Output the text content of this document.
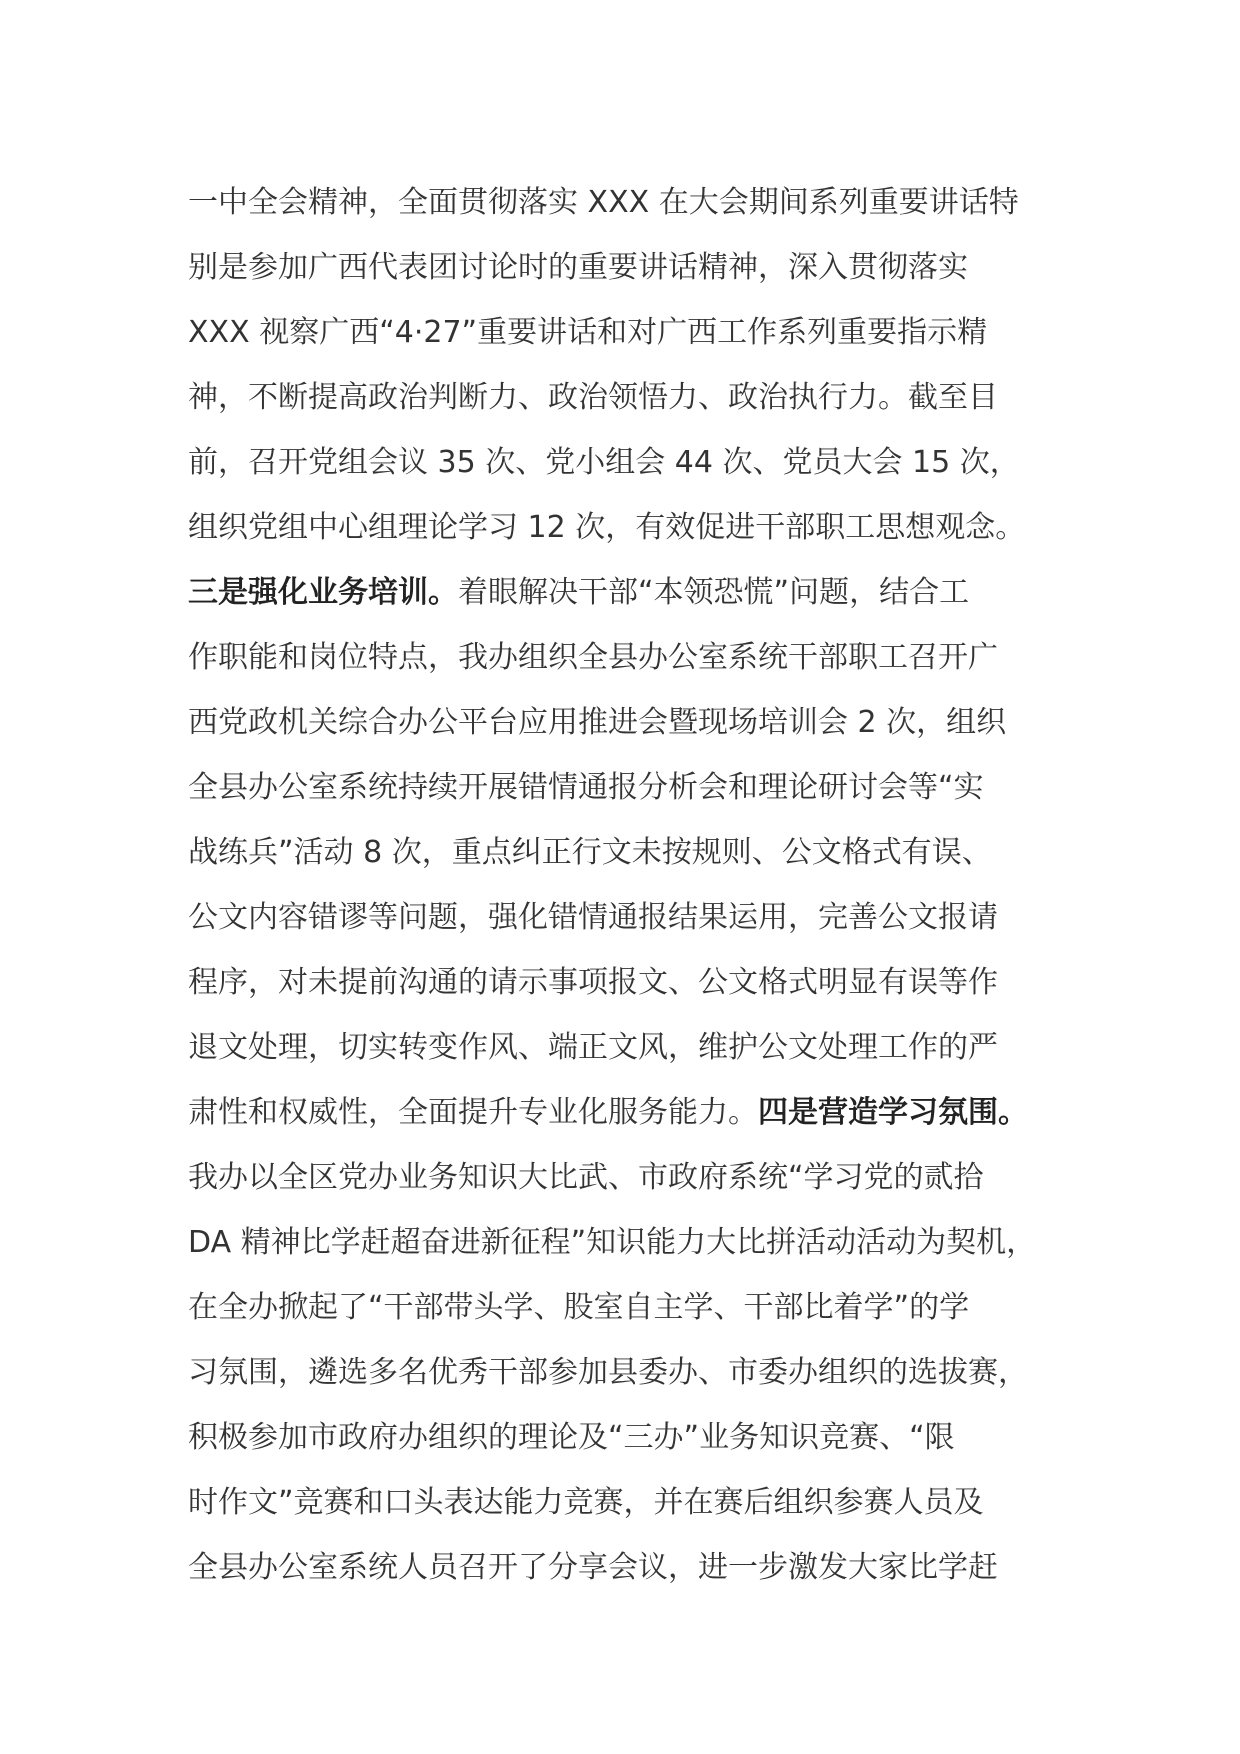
一中全会精神，全面贯彻落实 XXX 在大会期间系列重要讲话特
别是参加广西代表团讨论时的重要讲话精神，深入贯彻落实
XXX 视察广西“4·27”重要讲话和对广西工作系列重要指示精
神，不断提高政治判断力、政治领悟力、政治执行力。截至目
前，召开党组会议 35 次、党小组会 44 次、党员大会 15 次，
组织党组中心组理论学习 12 次，有效促进干部职工思想观念。
三是强化业务培训。着眼解决干部“本领恐慌”问题，结合工
作职能和岗位特点，我办组织全县办公室系统干部职工召开广
西党政机关综合办公平台应用推进会暨现场培训会 2 次，组织
全县办公室系统持续开展错情通报分析会和理论研讨会等“实
战练兵”活动 8 次，重点纠正行文未按规则、公文格式有误、
公文内容错谬等问题，强化错情通报结果运用，完善公文报请
程序，对未提前沟通的请示事项报文、公文格式明显有误等作
退文处理，切实转变作风、端正文风，维护公文处理工作的严
肃性和权威性，全面提升专业化服务能力。四是营造学习氛围。
我办以全区党办业务知识大比武、市政府系统“学习党的贰拾
DA 精神比学赶超奋进新征程”知识能力大比拼活动活动为契机，
在全办掀起了“干部带头学、股室自主学、干部比着学”的学
习氛围，遴选多名优秀干部参加县委办、市委办组织的选拔赛，
积极参加市政府办组织的理论及“三办”业务知识竞赛、“限
时作文”竞赛和口头表达能力竞赛，并在赛后组织参赛人员及
全县办公室系统人员召开了分享会议，进一步激发大家比学赶
